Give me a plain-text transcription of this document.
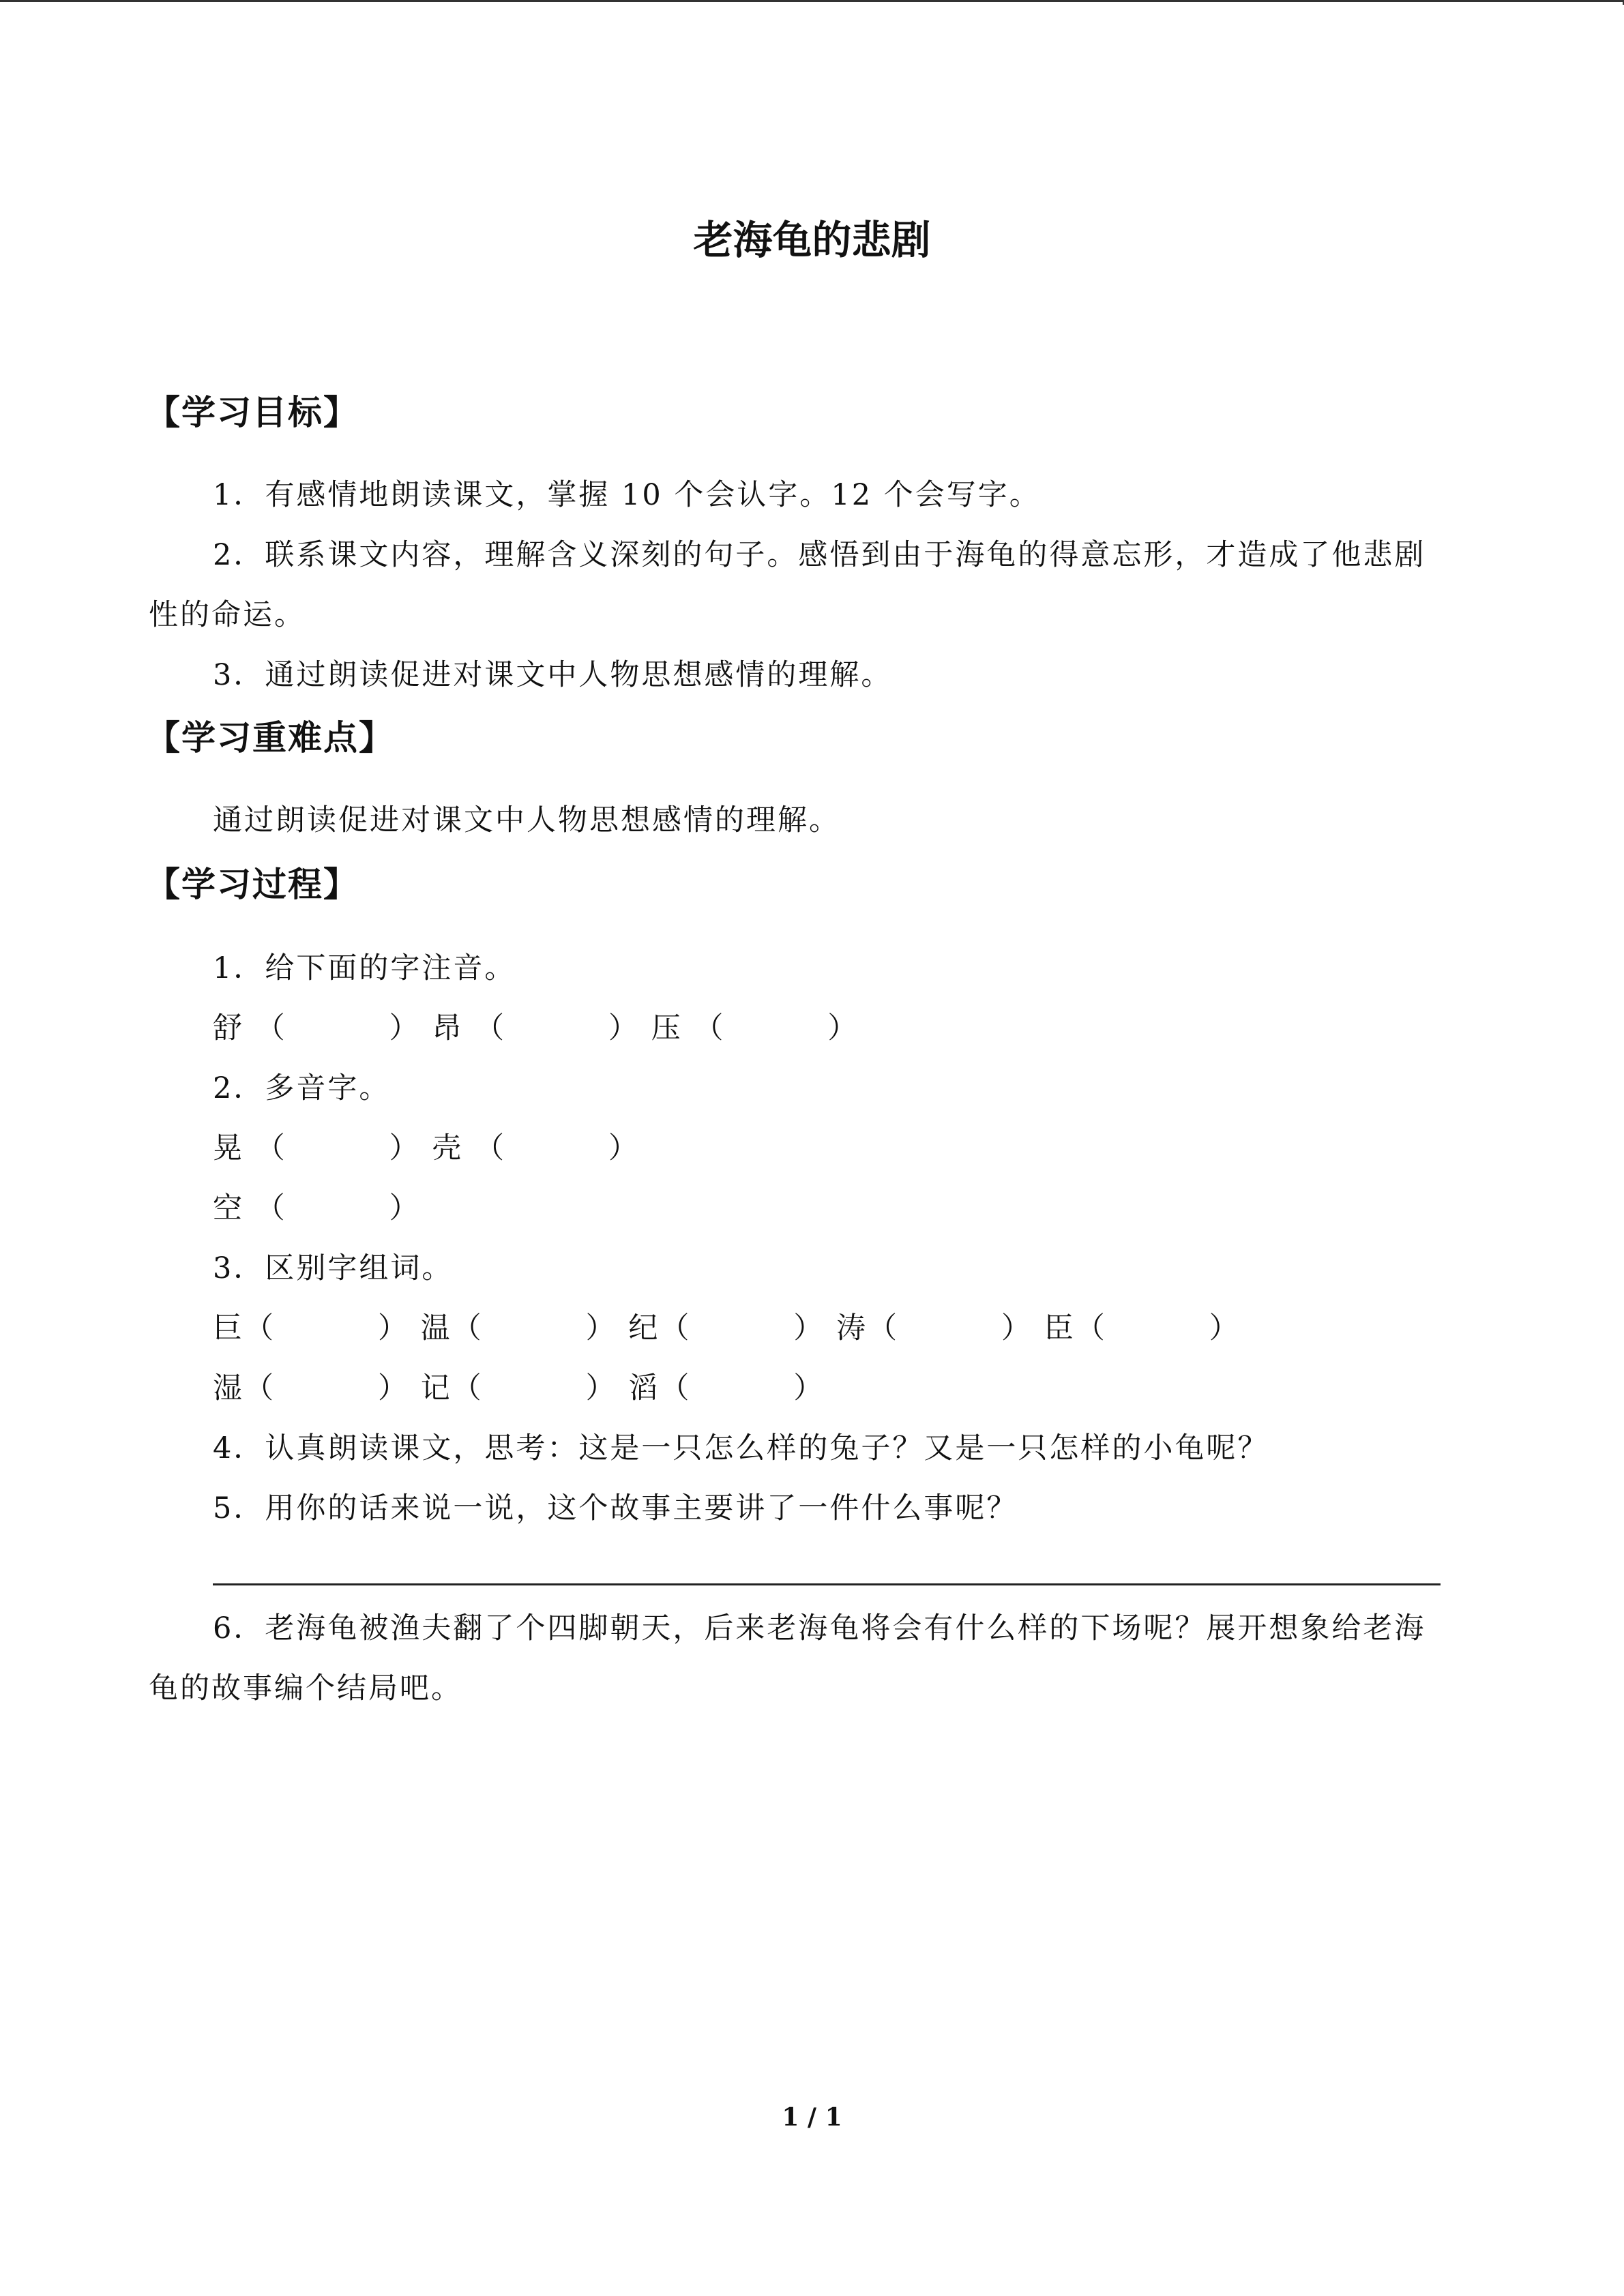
老海龟的悲剧
【学习目标】
1．有感情地朗读课文，掌握 10 个会认字。12 个会写字。
2．联系课文内容，理解含义深刻的句子。感悟到由于海龟的得意忘形，才造成了他悲剧
性的命运。
3．通过朗读促进对课文中人物思想感情的理解。
【学习重难点】
通过朗读促进对课文中人物思想感情的理解。
【学习过程】
1．给下面的字注音。
舒 （	） 昂 （	） 压 （	）
2．多音字。
晃 （	） 壳 （	）
空 （	）
3．区别字组词。
巨（	） 温（	） 纪（	） 涛（	） 臣（	）
湿（	） 记（	） 滔（	）
4．认真朗读课文，思考：这是一只怎么样的兔子？又是一只怎样的小龟呢？
5．用你的话来说一说，这个故事主要讲了一件什么事呢？
6．老海龟被渔夫翻了个四脚朝天，后来老海龟将会有什么样的下场呢？展开想象给老海
龟的故事编个结局吧。
1 / 1
